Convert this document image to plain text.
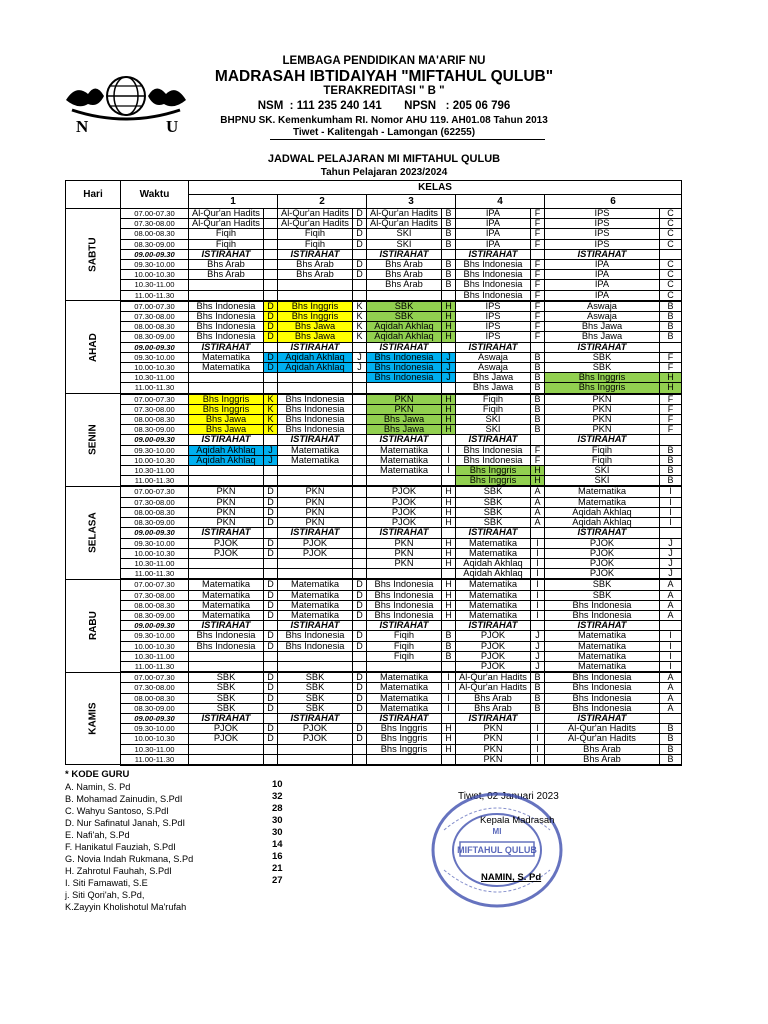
N	U
LEMBAGA PENDIDIKAN MA'ARIF NU
MADRASAH IBTIDAIYAH "MIFTAHUL QULUB"
TERAKREDITASI " B "
NSM  : 111 235 240 141       NPSN   : 205 06 796
BHPNU SK. Kemenkumham RI. Nomor AHU 119. AH01.08 Tahun 2013
Tiwet - Kalitengah - Lamongan (62255)
JADWAL PELAJARAN MI MIFTAHUL QULUB
Tahun Pelajaran 2023/2024
Hari	Waktu	KELAS									
		1		2		3		4		6	
SABTU	07.00-07.30	Al-Qur'an Hadits		Al-Qur'an Hadits	D	Al-Qur'an Hadits	B	IPA	F	IPS	C
	07.30-08.00	Al-Qur'an Hadits		Al-Qur'an Hadits	D	Al-Qur'an Hadits	B	IPA	F	IPS	C
	08.00-08.30	Fiqih		Fiqih	D	SKI	B	IPA	F	IPS	C
	08.30-09.00	Fiqih		Fiqih	D	SKI	B	IPA	F	IPS	C
	09.00-09.30	ISTIRAHAT		ISTIRAHAT		ISTIRAHAT		ISTIRAHAT		ISTIRAHAT	
	09.30-10.00	Bhs Arab		Bhs Arab	D	Bhs Arab	B	Bhs Indonesia	F	IPA	C
	10.00-10.30	Bhs Arab		Bhs Arab	D	Bhs Arab	B	Bhs Indonesia	F	IPA	C
	10.30-11.00					Bhs Arab	B	Bhs Indonesia	F	IPA	C
	11.00-11.30							Bhs Indonesia	F	IPA	C
AHAD	07.00-07.30	Bhs Indonesia	D	Bhs Inggris	K	SBK	H	IPS	F	Aswaja	B
	07.30-08.00	Bhs Indonesia	D	Bhs Inggris	K	SBK	H	IPS	F	Aswaja	B
	08.00-08.30	Bhs Indonesia	D	Bhs Jawa	K	Aqidah Akhlaq	H	IPS	F	Bhs Jawa	B
	08.30-09.00	Bhs Indonesia	D	Bhs Jawa	K	Aqidah Akhlaq	H	IPS	F	Bhs Jawa	B
	09.00-09.30	ISTIRAHAT		ISTIRAHAT		ISTIRAHAT		ISTIRAHAT		ISTIRAHAT	
	09.30-10.00	Matematika	D	Aqidah Akhlaq	J	Bhs Indonesia	J	Aswaja	B	SBK	F
	10.00-10.30	Matematika	D	Aqidah Akhlaq	J	Bhs Indonesia	J	Aswaja	B	SBK	F
	10.30-11.00					Bhs Indonesia	J	Bhs Jawa	B	Bhs Inggris	H
	11.00-11.30							Bhs Jawa	B	Bhs Inggris	H
SENIN	07.00-07.30	Bhs Inggris	K	Bhs Indonesia		PKN	H	Fiqih	B	PKN	F
	07.30-08.00	Bhs Inggris	K	Bhs Indonesia		PKN	H	Fiqih	B	PKN	F
	08.00-08.30	Bhs Jawa	K	Bhs Indonesia		Bhs Jawa	H	SKI	B	PKN	F
	08.30-09.00	Bhs Jawa	K	Bhs Indonesia		Bhs Jawa	H	SKI	B	PKN	F
	09.00-09.30	ISTIRAHAT		ISTIRAHAT		ISTIRAHAT		ISTIRAHAT		ISTIRAHAT	
	09.30-10.00	Aqidah Akhlaq	J	Matematika		Matematika	I	Bhs Indonesia	F	Fiqih	B
	10.00-10.30	Aqidah Akhlaq	J	Matematika		Matematika	I	Bhs Indonesia	F	Fiqih	B
	10.30-11.00					Matematika	I	Bhs Inggris	H	SKI	B
	11.00-11.30							Bhs Inggris	H	SKI	B
SELASA	07.00-07.30	PKN	D	PKN		PJOK	H	SBK	A	Matematika	I
	07.30-08.00	PKN	D	PKN		PJOK	H	SBK	A	Matematika	I
	08.00-08.30	PKN	D	PKN		PJOK	H	SBK	A	Aqidah Akhlaq	I
	08.30-09.00	PKN	D	PKN		PJOK	H	SBK	A	Aqidah Akhlaq	I
	09.00-09.30	ISTIRAHAT		ISTIRAHAT		ISTIRAHAT		ISTIRAHAT		ISTIRAHAT	
	09.30-10.00	PJOK	D	PJOK		PKN	H	Matematika	I	PJOK	J
	10.00-10.30	PJOK	D	PJOK		PKN	H	Matematika	I	PJOK	J
	10.30-11.00					PKN	H	Aqidah Akhlaq	I	PJOK	J
	11.00-11.30							Aqidah Akhlaq	I	PJOK	J
RABU	07.00-07.30	Matematika	D	Matematika	D	Bhs Indonesia	H	Matematika	I	SBK	A
	07.30-08.00	Matematika	D	Matematika	D	Bhs Indonesia	H	Matematika	I	SBK	A
	08.00-08.30	Matematika	D	Matematika	D	Bhs Indonesia	H	Matematika	I	Bhs Indonesia	A
	08.30-09.00	Matematika	D	Matematika	D	Bhs Indonesia	H	Matematika	I	Bhs Indonesia	A
	09.00-09.30	ISTIRAHAT		ISTIRAHAT		ISTIRAHAT		ISTIRAHAT		ISTIRAHAT	
	09.30-10.00	Bhs Indonesia	D	Bhs Indonesia	D	Fiqih	B	PJOK	J	Matematika	I
	10.00-10.30	Bhs Indonesia	D	Bhs Indonesia	D	Fiqih	B	PJOK	J	Matematika	I
	10.30-11.00					Fiqih	B	PJOK	J	Matematika	I
	11.00-11.30							PJOK	J	Matematika	I
KAMIS	07.00-07.30	SBK	D	SBK	D	Matematika	I	Al-Qur'an Hadits	B	Bhs Indonesia	A
	07.30-08.00	SBK	D	SBK	D	Matematika	I	Al-Qur'an Hadits	B	Bhs Indonesia	A
	08.00-08.30	SBK	D	SBK	D	Matematika	I	Bhs Arab	B	Bhs Indonesia	A
	08.30-09.00	SBK	D	SBK	D	Matematika	I	Bhs Arab	B	Bhs Indonesia	A
	09.00-09.30	ISTIRAHAT		ISTIRAHAT		ISTIRAHAT		ISTIRAHAT		ISTIRAHAT	
	09.30-10.00	PJOK	D	PJOK	D	Bhs Inggris	H	PKN	I	Al-Qur'an Hadits	B
	10.00-10.30	PJOK	D	PJOK	D	Bhs Inggris	H	PKN	I	Al-Qur'an Hadits	B
	10.30-11.00					Bhs Inggris	H	PKN	I	Bhs Arab	B
	11.00-11.30							PKN	I	Bhs Arab	B
* KODE GURU
A. Namin, S. Pd
B. Mohamad Zainudin, S.PdI
C. Wahyu Santoso, S.PdI
D. Nur Safinatul Janah, S.PdI
E. Nafi'ah, S.Pd
F. Hanikatul Fauziah, S.PdI
G. Novia Indah Rukmana, S.Pd
H. Zahrotul Fauhah, S.PdI
I. Siti Famawati, S.E
j. Siti Qori'ah, S.Pd,
K.Zayyin Kholishotul Ma'rufah
10
32
28
30
30
14
16
21
27
Tiwet, 02 Januari 2023
MIFTAHUL QULUB
MI
Kepala Madrasah
NAMIN, S. Pd
